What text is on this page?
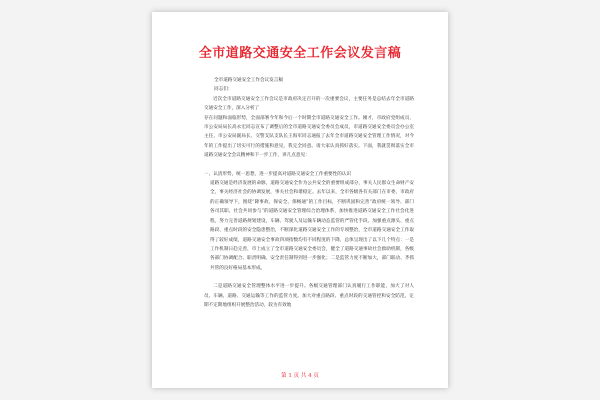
全市道路交通安全工作会议发言稿

全市道路交通安全工作会议发言稿

同志们：

近次全市道路交通安全工作会议是市政府决定召开的一次重要会议，主要任务是总结去年全市道路交通安全工作，深入分析了

存在问题和面临形势，全面部署今年和今后一个时期全市道路交通安全工作。刚才，市政府党组成员、市公安局局长高永宏同志宣布了调整后的全市道路交通安全委员会成员，市道路交通安全委员会办公室主任、市公安局副局长、交警支队支队长王海军同志通报了去年全市道路交通安全管理工作情况，对今年的工作提出了切实可行的措施和意见，我完全同意。请大家认真抓好落实。下面，我就贯彻落实全市道路交通安全会议精神和下一步工作，讲几点意见：

一、认清形势，统一思想，进一步提高对道路交通安全工作重要性的认识

道路交通是经济发展的命脉，道路交通安全作为公共安全的重要组成部分，事关人民群众生命财产安全，事关经济社会的协调发展，事关社会和谐稳定。去年以来，全市各级各有关部门在市委、市政府的正确领导下，围绕“降事故、保安全、保畅通”的工作目标，不断巩固和完善“政府统一领导、部门各司其职、社会共同参与”的道路交通安全管理综合治理体系，加快推进道路交通安全工作社会化进程，努力完善道路规划建设，车辆、驾驶人及运输车辆动态监管的严管化手段。加强重点源头、重点路段、重点时段的安全隐患整治，不断深化道路交通安全工作的专项整治，全市道路交通安全工作取得了较好成绩，道路交通安全事故四项指数均有不同程度的下降，总体呈现出了以下几个特点：一是工作机制日趋完善，市上成立了全市道路交通安全委员会，健全了道路交通事故社会救助机制，各级各部门协调配合、职责明确、安全责任制得到进一步强化；二是监管力度不断加大，部门联动、齐抓共管的良好格局基本形成。

二是道路交通安全管理整体水平进一步提升。各级交通管理部门认真履行工作职能，加大了对人员、车辆、道路、交通运输等工作的监管力度。加大对重点路段、重点时段的交通管控和安全防范，定期不定期地组织开展整治活动，较为有效地

第 1 页 共 4 页
